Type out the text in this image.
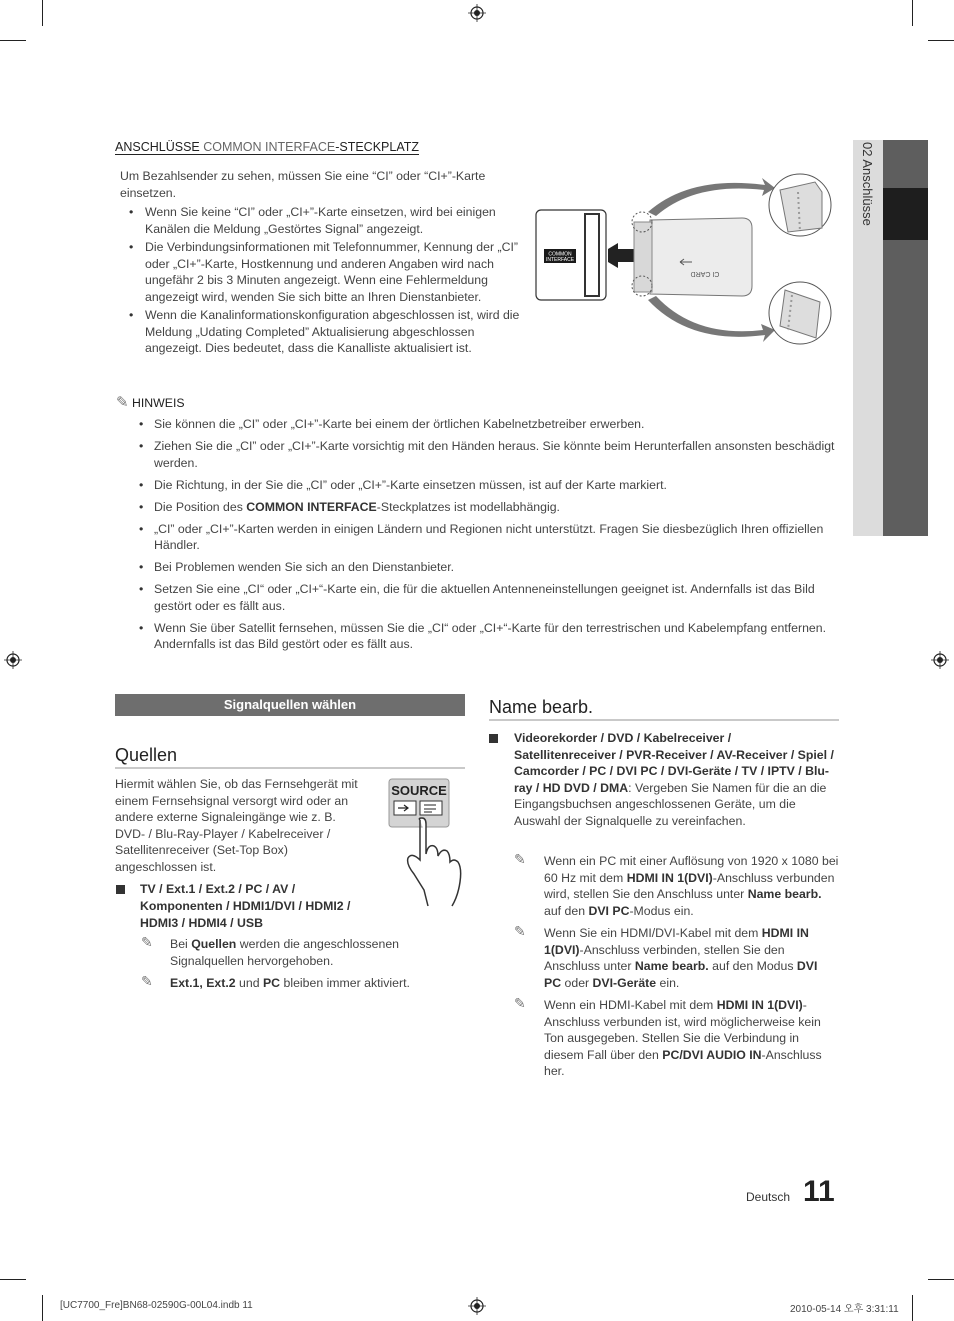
02 Anschlüsse
ANSCHLÜSSE COMMON INTERFACE-STECKPLATZ
Um Bezahlsender zu sehen, müssen Sie eine “CI” oder “CI+”-Karte einsetzen.
• Wenn Sie keine “CI” oder „CI+”-Karte einsetzen, wird bei einigen Kanälen die Meldung „Gestörtes Signal” angezeigt.
• Die Verbindungsinformationen mit Telefonnummer, Kennung der „CI” oder „CI+”-Karte, Hostkennung und anderen Angaben wird nach ungefähr 2 bis 3 Minuten angezeigt. Wenn eine Fehlermeldung angezeigt wird, wenden Sie sich bitte an Ihren Dienstanbieter.
• Wenn die Kanalinformationskonfiguration abgeschlossen ist, wird die Meldung „Udating Completed” Aktualisierung abgeschlossen angezeigt. Dies bedeutet, dass die Kanalliste aktualisiert ist.
COMMON
INTERFACE
CI CARD
✎ HINWEIS
• Sie können die „CI” oder „CI+”-Karte bei einem der örtlichen Kabelnetzbetreiber erwerben.
• Ziehen Sie die „CI” oder „CI+”-Karte vorsichtig mit den Händen heraus. Sie könnte beim Herunterfallen ansonsten beschädigt werden.
• Die Richtung, in der Sie die „CI” oder „CI+”-Karte einsetzen müssen, ist auf der Karte markiert.
• Die Position des COMMON INTERFACE-Steckplatzes ist modellabhängig.
• „CI” oder „CI+”-Karten werden in einigen Ländern und Regionen nicht unterstützt. Fragen Sie diesbezüglich Ihren offiziellen Händler.
• Bei Problemen wenden Sie sich an den Dienstanbieter.
• Setzen Sie eine „CI“ oder „CI+“-Karte ein, die für die aktuellen Antenneneinstellungen geeignet ist. Andernfalls ist das Bild gestört oder es fällt aus.
• Wenn Sie über Satellit fernsehen, müssen Sie die „CI“ oder „CI+“-Karte für den terrestrischen und Kabelempfang entfernen. Andernfalls ist das Bild gestört oder es fällt aus.
Signalquellen wählen
Quellen
Hiermit wählen Sie, ob das Fernsehgerät mit einem Fernsehsignal versorgt wird oder an andere externe Signaleingänge wie z. B. DVD- / Blu-Ray-Player / Kabelreceiver / Satellitenreceiver (Set-Top Box) angeschlossen ist.
SOURCE
TV / Ext.1 / Ext.2 / PC / AV / Komponenten / HDMI1/DVI / HDMI2 / HDMI3 / HDMI4 / USB
✎ Bei Quellen werden die angeschlossenen Signalquellen hervorgehoben.
✎ Ext.1, Ext.2 und PC bleiben immer aktiviert.
Name bearb.
Videorekorder / DVD / Kabelreceiver / Satellitenreceiver / PVR-Receiver / AV-Receiver / Spiel / Camcorder / PC / DVI PC / DVI-Geräte / TV / IPTV / Blu-ray / HD DVD / DMA: Vergeben Sie Namen für die an die Eingangsbuchsen angeschlossenen Geräte, um die Auswahl der Signalquelle zu vereinfachen.
✎ Wenn ein PC mit einer Auflösung von 1920 x 1080 bei 60 Hz mit dem HDMI IN 1(DVI)-Anschluss verbunden wird, stellen Sie den Anschluss unter Name bearb. auf den DVI PC-Modus ein.
✎ Wenn Sie ein HDMI/DVI-Kabel mit dem HDMI IN 1(DVI)-Anschluss verbinden, stellen Sie den Anschluss unter Name bearb. auf den Modus DVI PC oder DVI-Geräte ein.
✎ Wenn ein HDMI-Kabel mit dem HDMI IN 1(DVI)-Anschluss verbunden ist, wird möglicherweise kein Ton ausgegeben. Stellen Sie die Verbindung in diesem Fall über den PC/DVI AUDIO IN-Anschluss her.
Deutsch 11
[UC7700_Fre]BN68-02590G-00L04.indb 11	2010-05-14 오후 3:31:11
